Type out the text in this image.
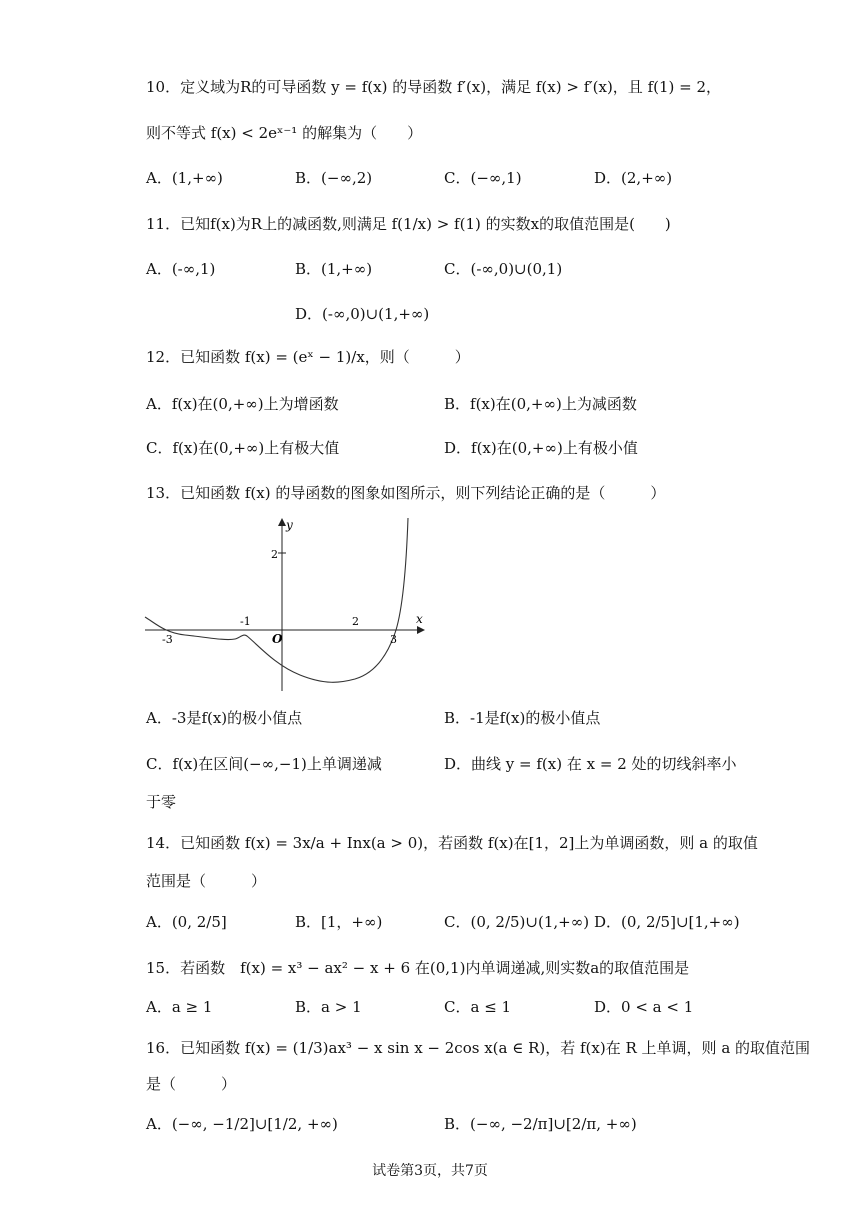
10．定义域为R的可导函数 y = f(x) 的导函数 f′(x)，满足 f(x) > f′(x)，且 f(1) = 2，
则不等式 f(x) < 2eˣ⁻¹ 的解集为（　　）
A．(1,+∞)	B．(−∞,2)	C．(−∞,1)	D．(2,+∞)
11．已知f(x)为R上的减函数,则满足 f(1/x) > f(1) 的实数x的取值范围是(　　)
A．(-∞,1)	B．(1,+∞)	C．(-∞,0)∪(0,1)
D．(-∞,0)∪(1,+∞)
12．已知函数 f(x) = (eˣ − 1)/x，则（　　　）
A．f(x)在(0,+∞)上为增函数	B．f(x)在(0,+∞)上为减函数
C．f(x)在(0,+∞)上有极大值	D．f(x)在(0,+∞)上有极小值
13．已知函数 f(x) 的导函数的图象如图所示，则下列结论正确的是（　　　）
y
x
O
2
-3
-1	2
3
A．-3是f(x)的极小值点	B．-1是f(x)的极小值点
C．f(x)在区间(−∞,−1)上单调递减	D．曲线 y = f(x) 在 x = 2 处的切线斜率小
于零
14．已知函数 f(x) = 3x/a + Inx(a > 0)，若函数 f(x)在[1，2]上为单调函数，则 a 的取值
范围是（　　　）
A．(0, 2/5]	B．[1，+∞)	C．(0, 2/5)∪(1,+∞) D．(0, 2/5]∪[1,+∞)
15．若函数　f(x) = x³ − ax² − x + 6 在(0,1)内单调递减,则实数a的取值范围是
A．a ≥ 1	B．a > 1	C．a ≤ 1	D．0 < a < 1
16．已知函数 f(x) = (1/3)ax³ − x sin x − 2cos x(a ∈ R)，若 f(x)在 R 上单调，则 a 的取值范围
是（　　　）
A．(−∞, −1/2]∪[1/2, +∞)	B．(−∞, −2/π]∪[2/π, +∞)
试卷第3页，共7页
